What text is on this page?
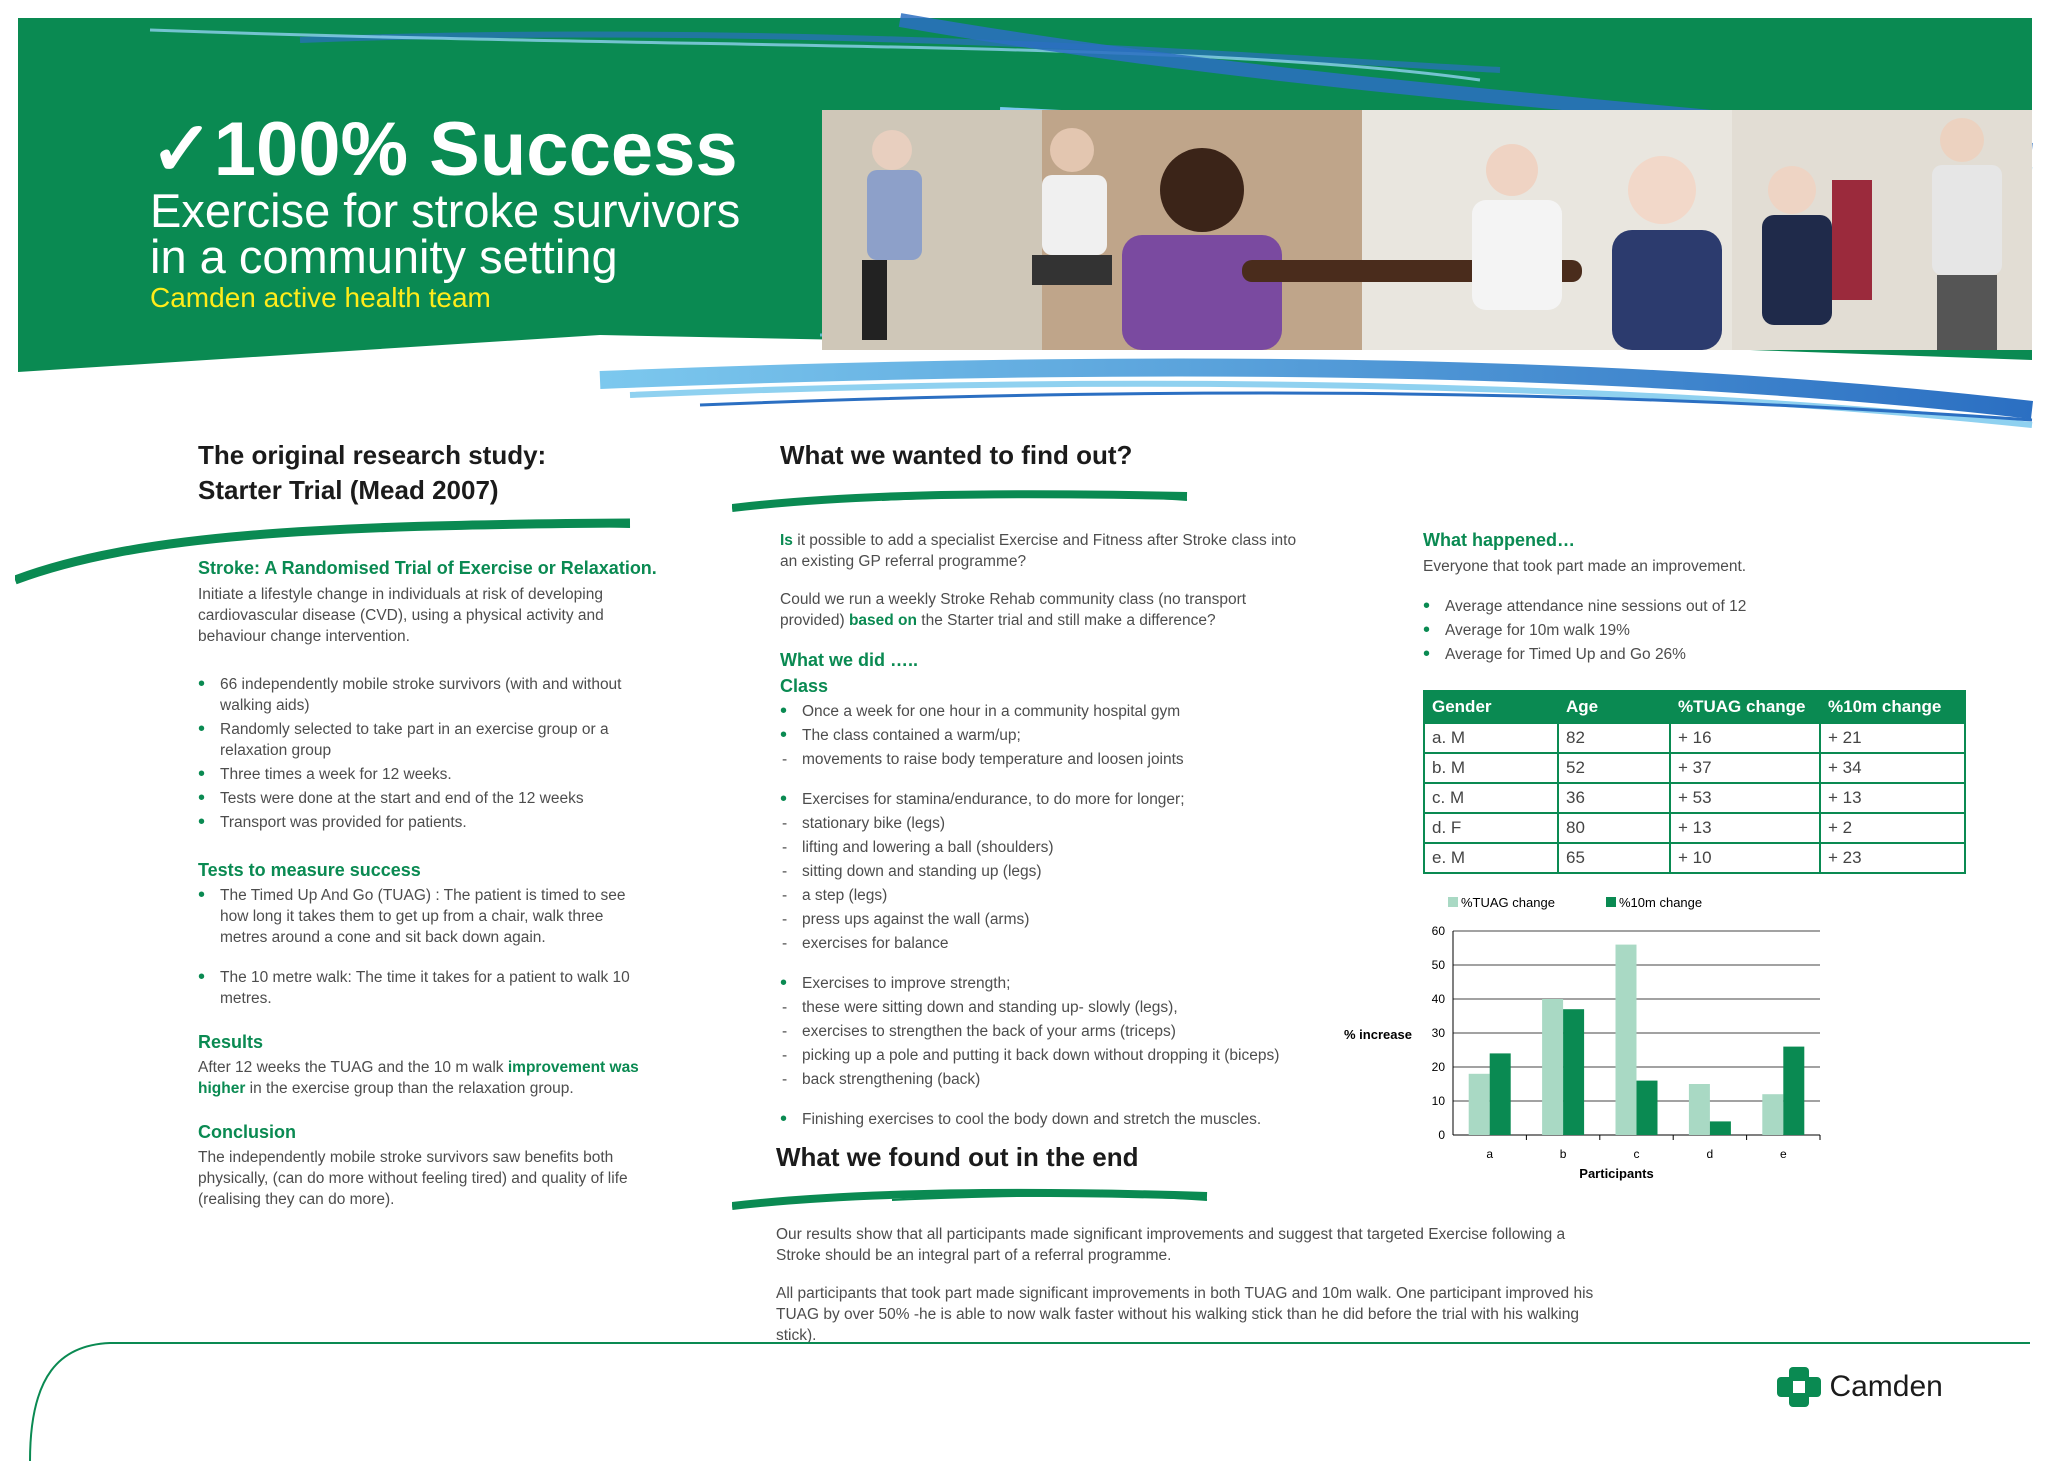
✓100% Success
Exercise for stroke survivors in a community setting
Camden active health team
The original research study:
Starter Trial (Mead 2007)
Stroke: A Randomised Trial of Exercise or Relaxation.

Initiate a lifestyle change in individuals at risk of developing cardiovascular disease (CVD), using a physical activity and behaviour change intervention.

• 66 independently mobile stroke survivors (with and without walking aids)
• Randomly selected to take part in an exercise group or a relaxation group
• Three times a week for 12 weeks.
• Tests were done at the start and end of the 12 weeks
• Transport was provided for patients.
Tests to measure success
• The Timed Up And Go (TUAG) : The patient is timed to see how long it takes them to get up from a chair, walk three metres around a cone and sit back down again.
• The 10 metre walk: The time it takes for a patient to walk 10 metres.
Results

After 12 weeks the TUAG and the 10 m walk improvement was higher in the exercise group than the relaxation group.

Conclusion

The independently mobile stroke survivors saw benefits both physically, (can do more without feeling tired) and quality of life (realising they can do more).

What we wanted to find out?

Is it possible to add a specialist Exercise and Fitness after Stroke class into an existing GP referral programme?

Could we run a weekly Stroke Rehab community class (no transport provided) based on the Starter trial and still make a difference?

What we did …..
Class
• Once a week for one hour in a community hospital gym
• The class contained a warm/up;
- movements to raise body temperature and loosen joints
• Exercises for stamina/endurance, to do more for longer;
- stationary bike (legs)
- lifting and lowering a ball (shoulders)
- sitting down and standing up (legs)
- a step (legs)
- press ups against the wall (arms)
- exercises for balance
• Exercises to improve strength;
- these were sitting down and standing up- slowly (legs),
- exercises to strengthen the back of your arms (triceps)
- picking up a pole and putting it back down without dropping it (biceps)
- back strengthening (back)
• Finishing exercises to cool the body down and stretch the muscles.
What we found out in the end

Our results show that all participants made significant improvements and suggest that targeted Exercise following a Stroke should be an integral part of a referral programme.

All participants that took part made significant improvements in both TUAG and 10m walk. One participant improved his TUAG by over 50% -he is able to now walk faster without his walking stick than he did before the trial with his walking stick).

What happened…

Everyone that took part made an improvement.

• Average attendance nine sessions out of 12
• Average for 10m walk 19%
• Average for Timed Up and Go 26%
Gender	Age	%TUAG change	%10m change
a. M	82	+ 16	+ 21
b. M	52	+ 37	+ 34
c. M	36	+ 53	+ 13
d. F	80	+ 13	+ 2
e. M	65	+ 10	+ 23
0
10
20
30
40
50
60
a	b	c	d	e
Participants
% increase
%TUAG change	%10m change
Camden
